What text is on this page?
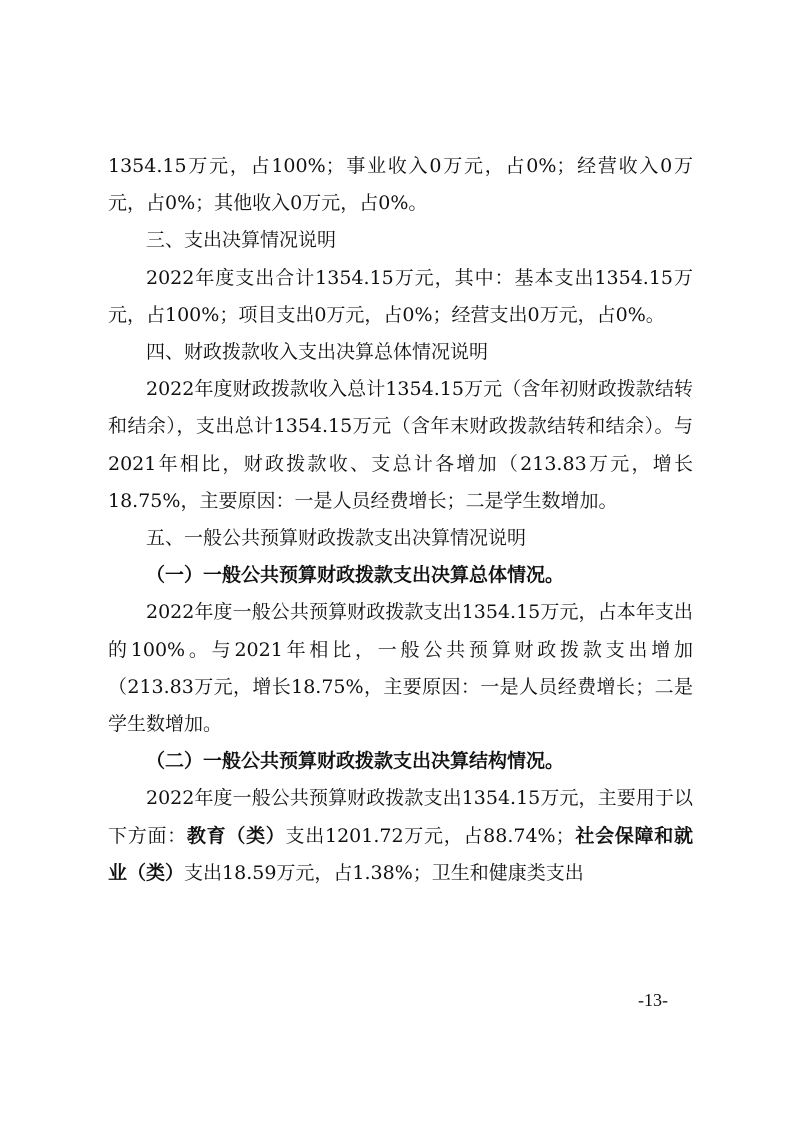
1354.15万元，占100%；事业收入0万元，占0%；经营收入0万元，占0%；其他收入0万元，占0%。

三、支出决算情况说明

2022年度支出合计1354.15万元，其中：基本支出1354.15万元，占100%；项目支出0万元，占0%；经营支出0万元，占0%。

四、财政拨款收入支出决算总体情况说明

2022年度财政拨款收入总计1354.15万元（含年初财政拨款结转和结余），支出总计1354.15万元（含年末财政拨款结转和结余）。与2021年相比，财政拨款收、支总计各增加（213.83万元，增长18.75%，主要原因：一是人员经费增长；二是学生数增加。

五、一般公共预算财政拨款支出决算情况说明

（一）一般公共预算财政拨款支出决算总体情况。

2022年度一般公共预算财政拨款支出1354.15万元，占本年支出的100%。与2021年相比，一般公共预算财政拨款支出增加（213.83万元，增长18.75%，主要原因：一是人员经费增长；二是学生数增加。

（二）一般公共预算财政拨款支出决算结构情况。

2022年度一般公共预算财政拨款支出1354.15万元，主要用于以下方面：教育（类）支出1201.72万元，占88.74%；社会保障和就业（类）支出18.59万元，占1.38%；卫生和健康类支出

-13-
